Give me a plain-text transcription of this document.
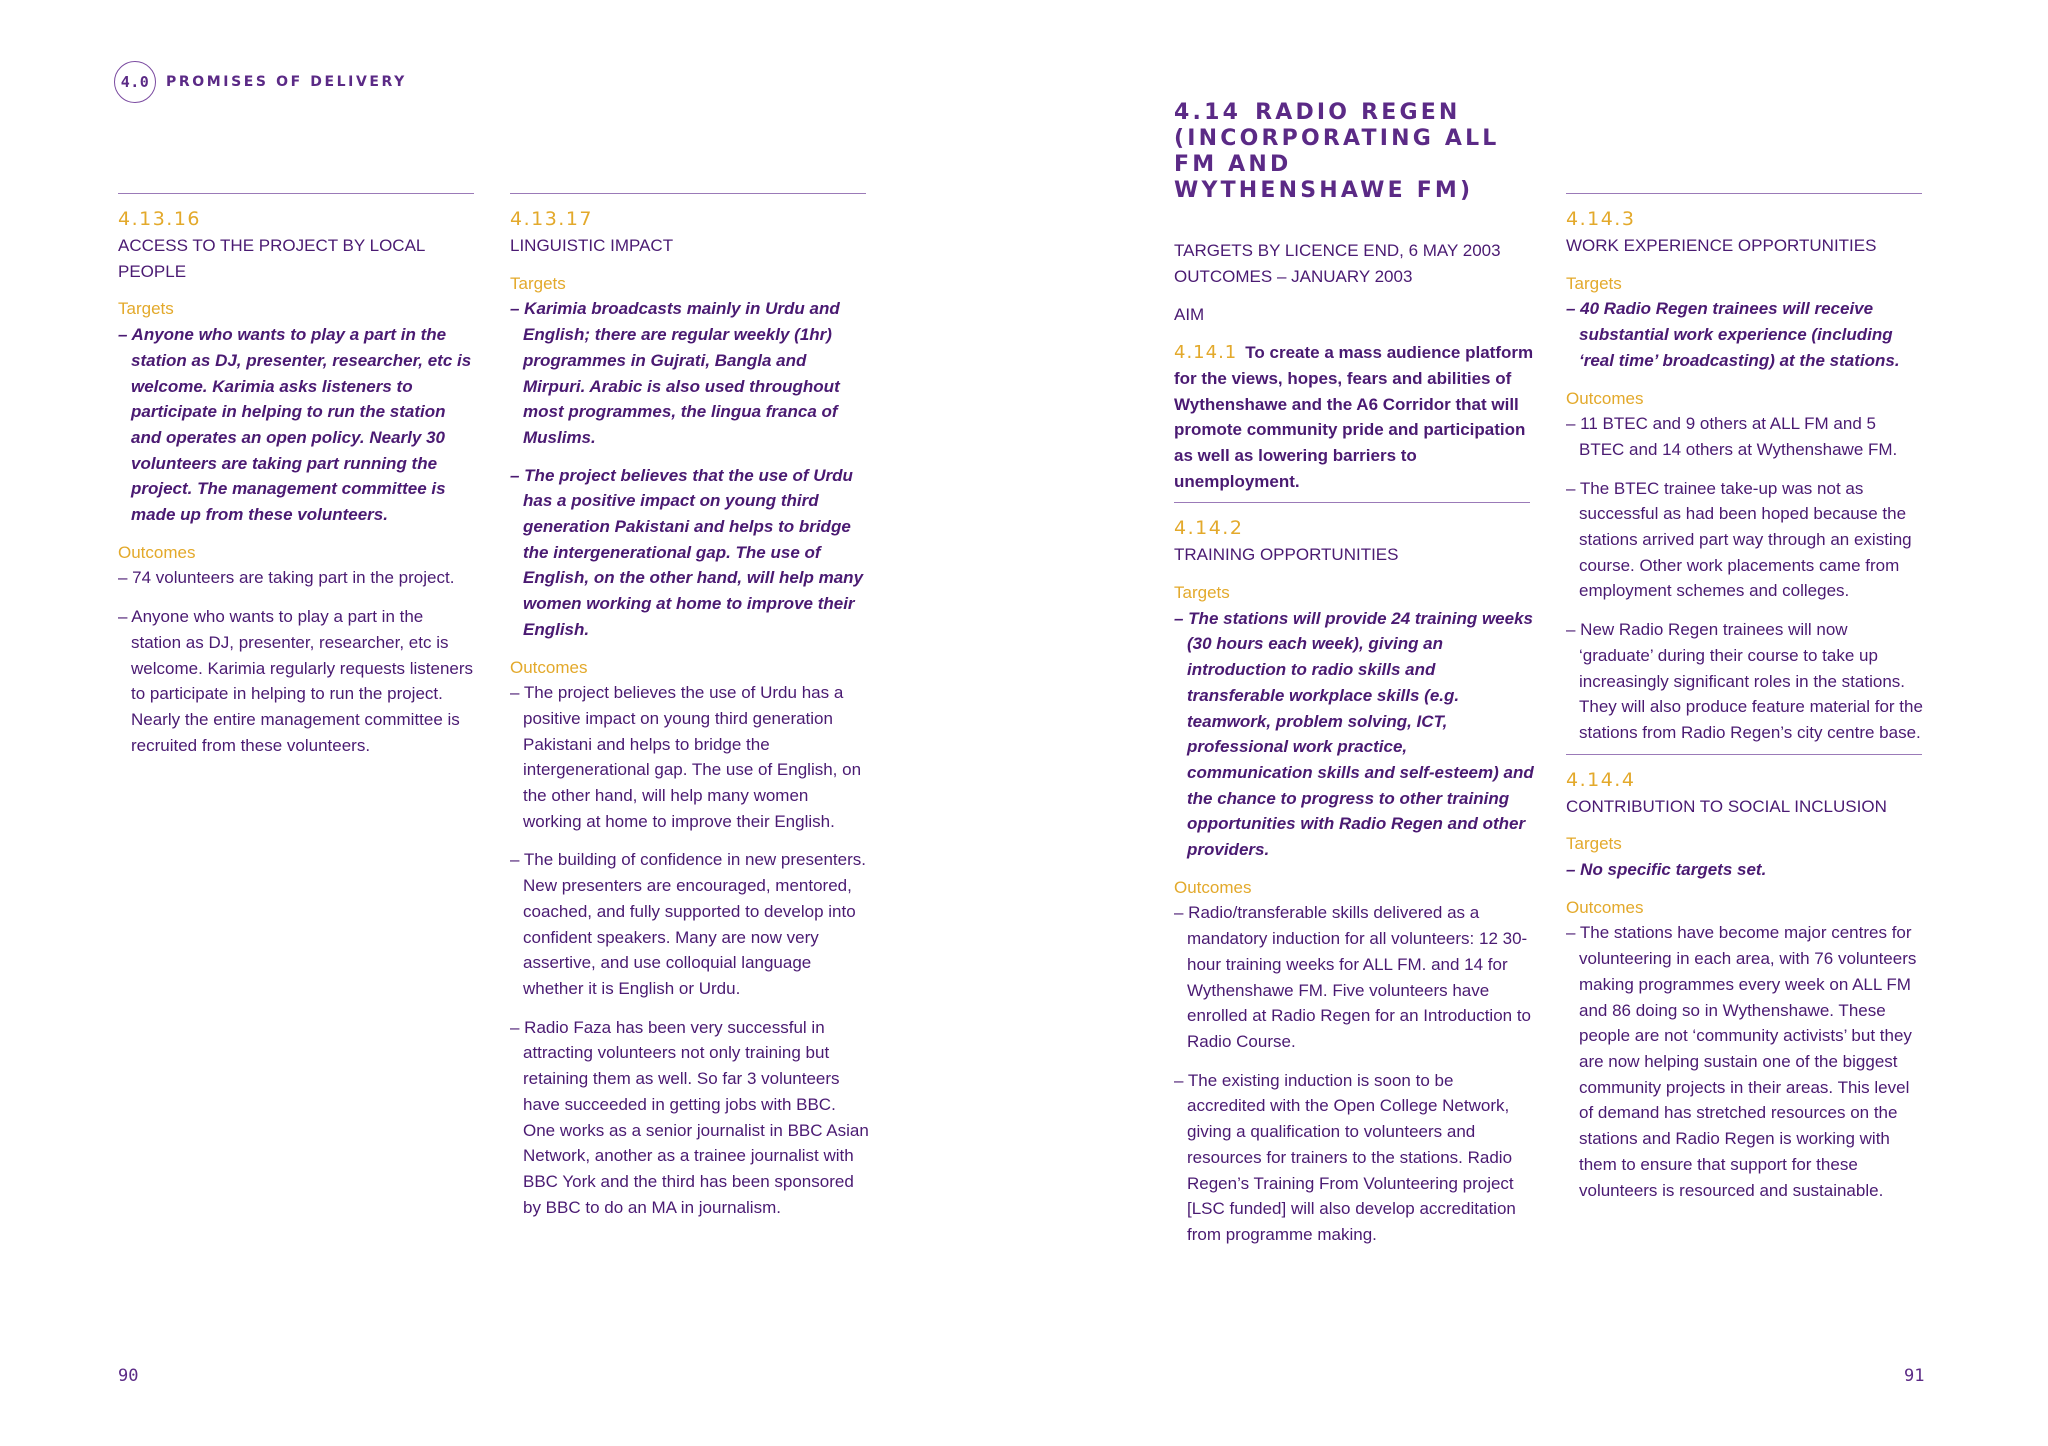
4.0	PROMISES OF DELIVERY
4.13.16
ACCESS TO THE PROJECT BY LOCAL PEOPLE
Targets
– Anyone who wants to play a part in the station as DJ, presenter, researcher, etc is welcome. Karimia asks listeners to participate in helping to run the station and operates an open policy. Nearly 30 volunteers are taking part running the project. The management committee is made up from these volunteers.
Outcomes
– 74 volunteers are taking part in the project.
– Anyone who wants to play a part in the station as DJ, presenter, researcher, etc is welcome. Karimia regularly requests listeners to participate in helping to run the project. Nearly the entire management committee is recruited from these volunteers.
4.13.17
LINGUISTIC IMPACT
Targets
– Karimia broadcasts mainly in Urdu and English; there are regular weekly (1hr) programmes in Gujrati, Bangla and Mirpuri. Arabic is also used throughout most programmes, the lingua franca of Muslims.
– The project believes that the use of Urdu has a positive impact on young third generation Pakistani and helps to bridge the intergenerational gap. The use of English, on the other hand, will help many women working at home to improve their English.
Outcomes
– The project believes the use of Urdu has a positive impact on young third generation Pakistani and helps to bridge the intergenerational gap. The use of English, on the other hand, will help many women working at home to improve their English.
– The building of confidence in new presenters. New presenters are encouraged, mentored, coached, and fully supported to develop into confident speakers. Many are now very assertive, and use colloquial language whether it is English or Urdu.
– Radio Faza has been very successful in attracting volunteers not only training but retaining them as well. So far 3 volunteers have succeeded in getting jobs with BBC. One works as a senior journalist in BBC Asian Network, another as a trainee journalist with BBC York and the third has been sponsored by BBC to do an MA in journalism.
90	91
4.14 RADIO REGEN (INCORPORATING ALL FM AND WYTHENSHAWE FM)
TARGETS BY LICENCE END, 6 MAY 2003
OUTCOMES – JANUARY 2003
AIM
4.14.1 To create a mass audience platform for the views, hopes, fears and abilities of Wythenshawe and the A6 Corridor that will promote community pride and participation as well as lowering barriers to unemployment.
4.14.2
TRAINING OPPORTUNITIES
Targets
– The stations will provide 24 training weeks (30 hours each week), giving an introduction to radio skills and transferable workplace skills (e.g. teamwork, problem solving, ICT, professional work practice, communication skills and self-esteem) and the chance to progress to other training opportunities with Radio Regen and other providers.
Outcomes
– Radio/transferable skills delivered as a mandatory induction for all volunteers: 12 30-hour training weeks for ALL FM. and 14 for Wythenshawe FM. Five volunteers have enrolled at Radio Regen for an Introduction to Radio Course.
– The existing induction is soon to be accredited with the Open College Network, giving a qualification to volunteers and resources for trainers to the stations. Radio Regen’s Training From Volunteering project [LSC funded] will also develop accreditation from programme making.
4.14.3
WORK EXPERIENCE OPPORTUNITIES
Targets
– 40 Radio Regen trainees will receive substantial work experience (including ‘real time’ broadcasting) at the stations.
Outcomes
– 11 BTEC and 9 others at ALL FM and 5 BTEC and 14 others at Wythenshawe FM.
– The BTEC trainee take-up was not as successful as had been hoped because the stations arrived part way through an existing course. Other work placements came from employment schemes and colleges.
– New Radio Regen trainees will now ‘graduate’ during their course to take up increasingly significant roles in the stations. They will also produce feature material for the stations from Radio Regen’s city centre base.
4.14.4
CONTRIBUTION TO SOCIAL INCLUSION
Targets
– No specific targets set.
Outcomes
– The stations have become major centres for volunteering in each area, with 76 volunteers making programmes every week on ALL FM and 86 doing so in Wythenshawe. These people are not ‘community activists’ but they are now helping sustain one of the biggest community projects in their areas. This level of demand has stretched resources on the stations and Radio Regen is working with them to ensure that support for these volunteers is resourced and sustainable.
